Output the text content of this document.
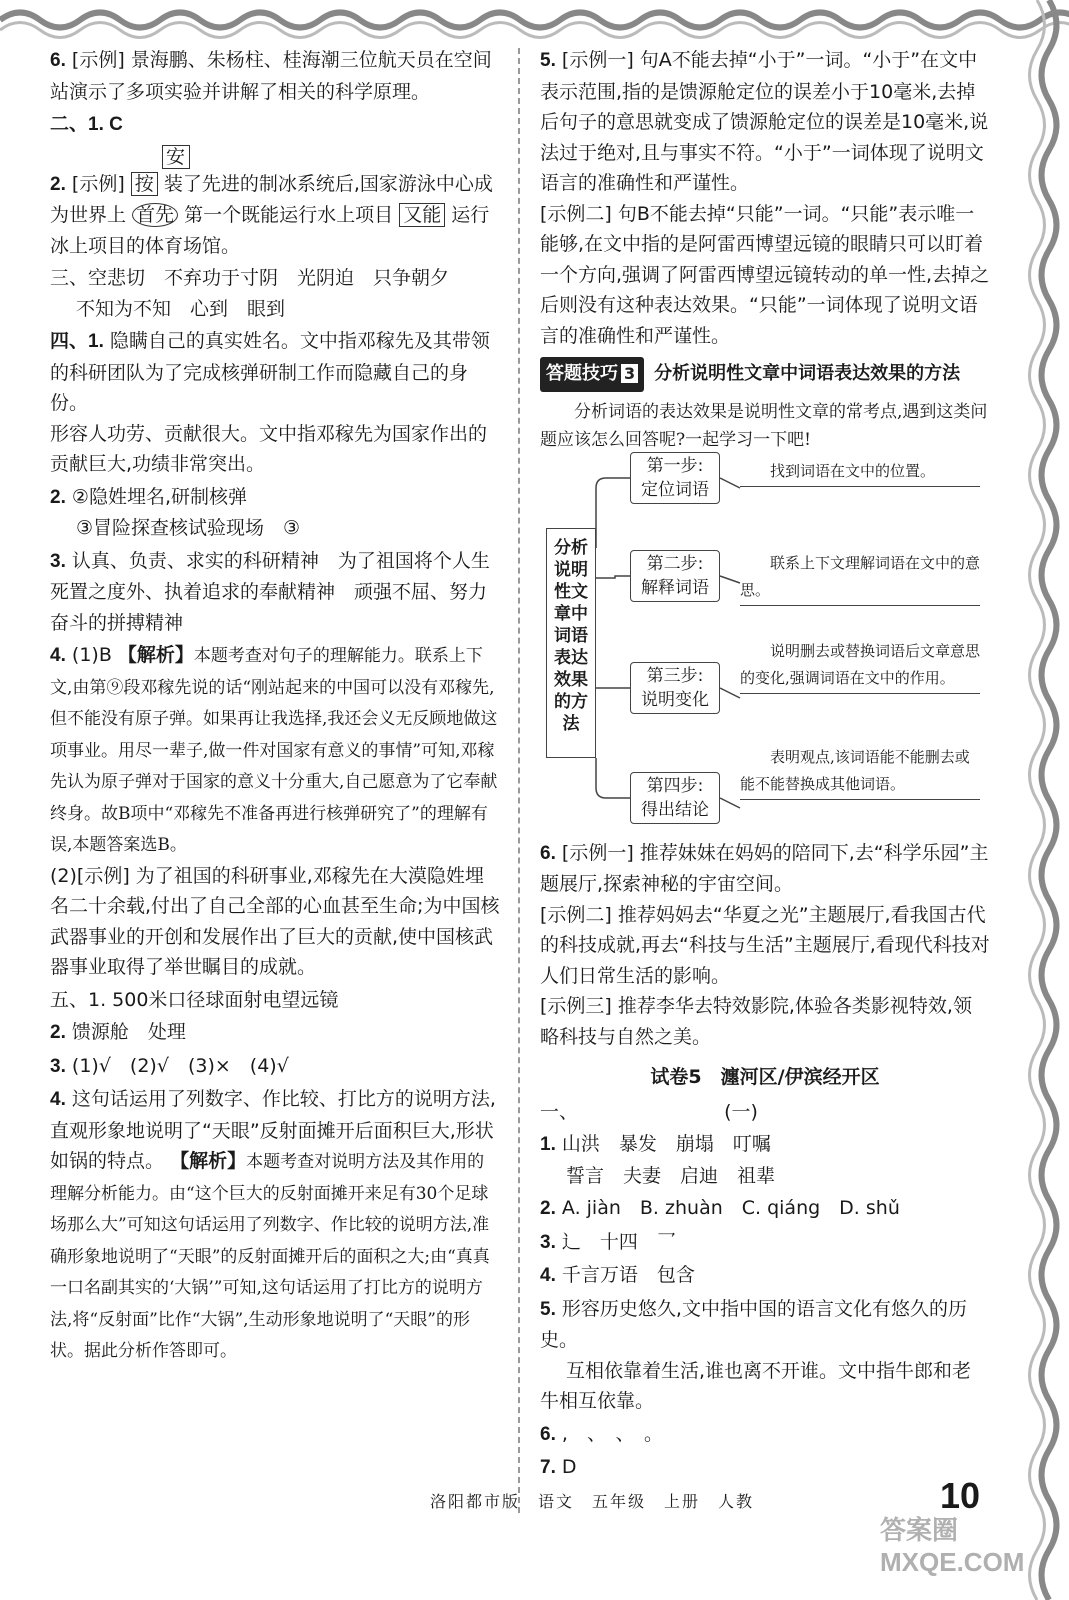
6. [示例] 景海鹏、朱杨柱、桂海潮三位航天员在空间站演示了多项实验并讲解了相关的科学原理。
二、1. C
安
2. [示例] 按 装了先进的制冰系统后,国家游泳中心成为世界上 首先 第一个既能运行水上项目 又能 运行冰上项目的体育场馆。
三、空悲切　不弃功于寸阴　光阴迫　只争朝夕
不知为不知　心到　眼到
四、1. 隐瞒自己的真实姓名。文中指邓稼先及其带领的科研团队为了完成核弹研制工作而隐藏自己的身份。
形容人功劳、贡献很大。文中指邓稼先为国家作出的贡献巨大,功绩非常突出。
2. ②隐姓埋名,研制核弹
③冒险探查核试验现场　③
3. 认真、负责、求实的科研精神　为了祖国将个人生死置之度外、执着追求的奉献精神　顽强不屈、努力奋斗的拼搏精神
4. (1)B 【解析】本题考查对句子的理解能力。联系上下文,由第⑨段邓稼先说的话“刚站起来的中国可以没有邓稼先,但不能没有原子弹。如果再让我选择,我还会义无反顾地做这项事业。用尽一辈子,做一件对国家有意义的事情”可知,邓稼先认为原子弹对于国家的意义十分重大,自己愿意为了它奉献终身。故B项中“邓稼先不准备再进行核弹研究了”的理解有误,本题答案选B。
(2)[示例] 为了祖国的科研事业,邓稼先在大漠隐姓埋名二十余载,付出了自己全部的心血甚至生命;为中国核武器事业的开创和发展作出了巨大的贡献,使中国核武器事业取得了举世瞩目的成就。
五、1. 500米口径球面射电望远镜
2. 馈源舱　处理
3. (1)√　(2)√　(3)×　(4)√
4. 这句话运用了列数字、作比较、打比方的说明方法,直观形象地说明了“天眼”反射面摊开后面积巨大,形状如锅的特点。 【解析】本题考查对说明方法及其作用的理解分析能力。由“这个巨大的反射面摊开来足有30个足球场那么大”可知这句话运用了列数字、作比较的说明方法,准确形象地说明了“天眼”的反射面摊开后的面积之大;由“真真一口名副其实的‘大锅’”可知,这句话运用了打比方的说明方法,将“反射面”比作“大锅”,生动形象地说明了“天眼”的形状。据此分析作答即可。
5. [示例一] 句A不能去掉“小于”一词。“小于”在文中表示范围,指的是馈源舱定位的误差小于10毫米,去掉后句子的意思就变成了馈源舱定位的误差是10毫米,说法过于绝对,且与事实不符。“小于”一词体现了说明文语言的准确性和严谨性。
[示例二] 句B不能去掉“只能”一词。“只能”表示唯一能够,在文中指的是阿雷西博望远镜的眼睛只可以盯着一个方向,强调了阿雷西博望远镜转动的单一性,去掉之后则没有这种表达效果。“只能”一词体现了说明文语言的准确性和严谨性。
答题技巧 3	分析说明性文章中词语表达效果的方法
分析词语的表达效果是说明性文章的常考点,遇到这类问题应该怎么回答呢?一起学习一下吧!
分析说明性文章中词语表达效果的方法
第一步:
定位词语
找到词语在文中的位置。
第二步:
解释词语
联系上下文理解词语在文中的意思。
第三步:
说明变化
说明删去或替换词语后文章意思的变化,强调词语在文中的作用。
第四步:
得出结论
表明观点,该词语能不能删去或能不能替换成其他词语。
6. [示例一] 推荐妹妹在妈妈的陪同下,去“科学乐园”主题展厅,探索神秘的宇宙空间。
[示例二] 推荐妈妈去“华夏之光”主题展厅,看我国古代的科技成就,再去“科技与生活”主题展厅,看现代科技对人们日常生活的影响。
[示例三] 推荐李华去特效影院,体验各类影视特效,领略科技与自然之美。
试卷5　瀍河区/伊滨经开区
一、	(一)
1. 山洪　暴发　崩塌　叮嘱
誓言　夫妻　启迪　祖辈
2. A. jiàn　B. zhuàn　C. qiáng　D. shǔ
3. 辶　十四　乛
4. 千言万语　包含
5. 形容历史悠久,文中指中国的语言文化有悠久的历史。
互相依靠着生活,谁也离不开谁。文中指牛郎和老牛相互依靠。
6. ,　、　、　。
7. D
洛阳都市版　语文　五年级　上册　人教	10
答案圈 MXQE.COM
